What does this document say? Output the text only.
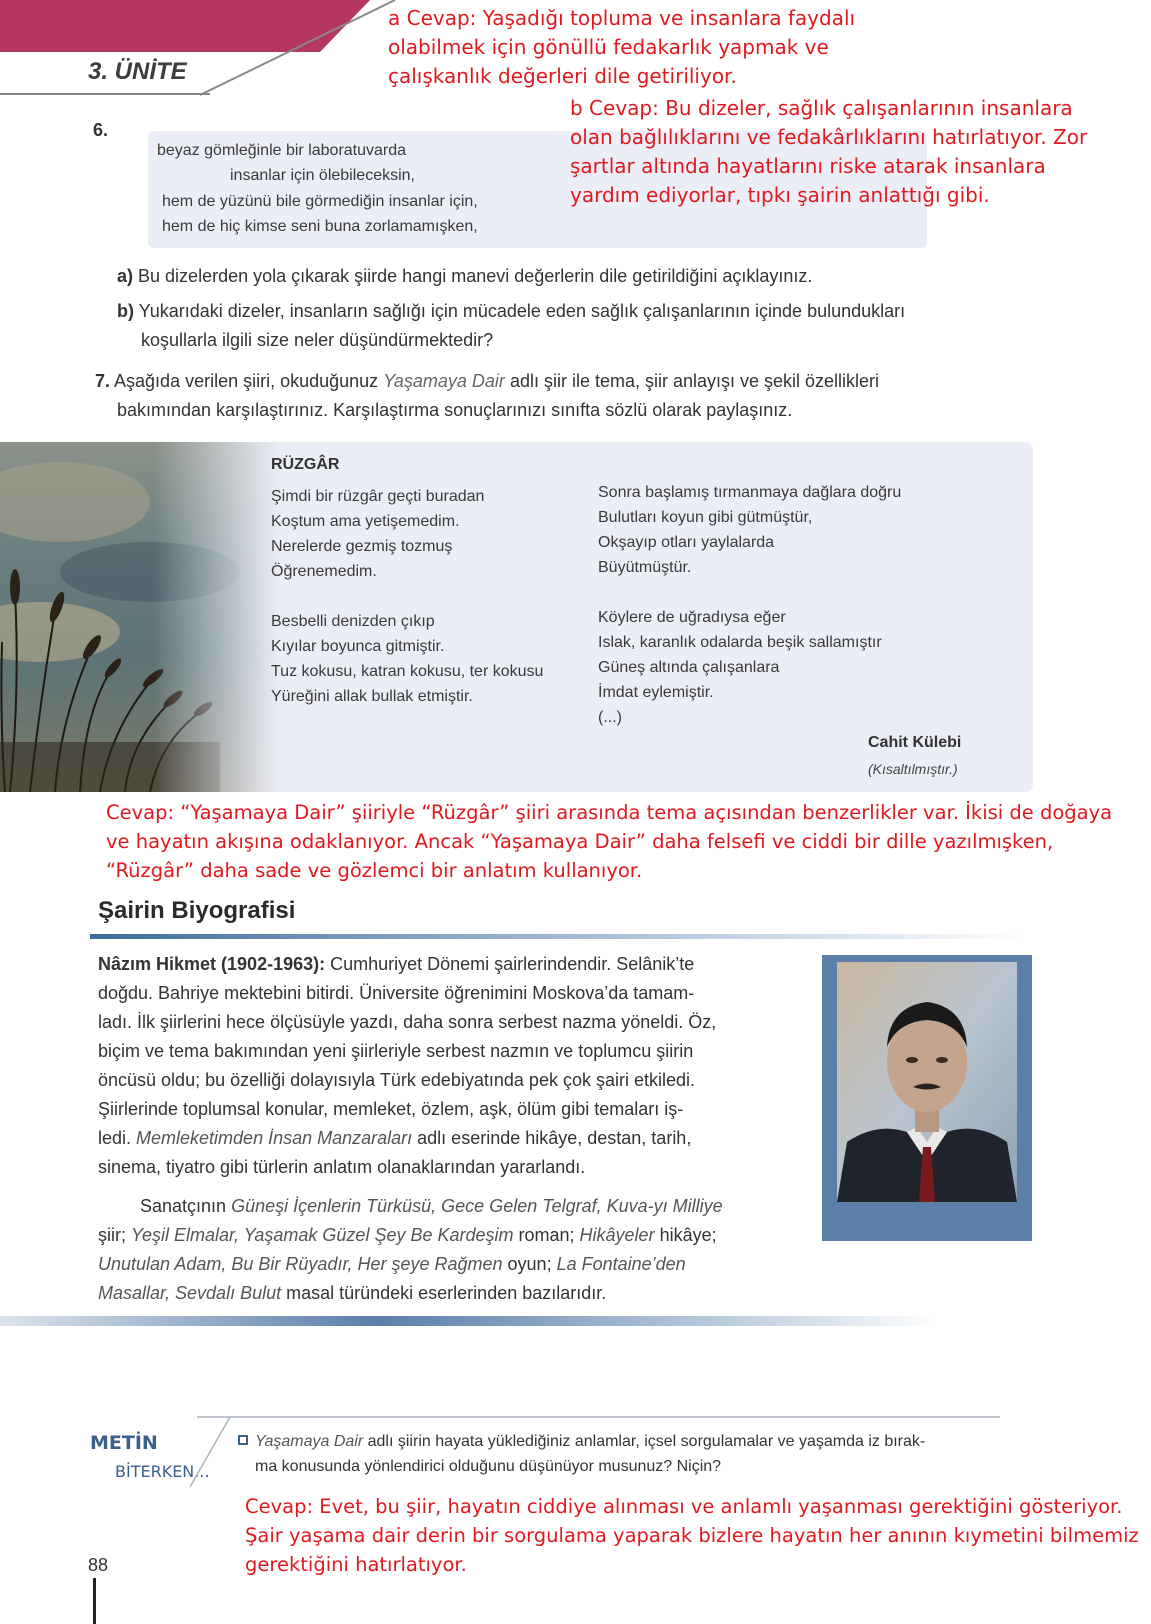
3. ÜNİTE
a Cevap: Yaşadığı topluma ve insanlara faydalı
olabilmek için gönüllü fedakarlık yapmak ve
çalışkanlık değerleri dile getiriliyor.
6.
beyaz gömleğinle bir laboratuvarda
insanlar için ölebileceksin,
hem de yüzünü bile görmediğin insanlar için,
hem de hiç kimse seni buna zorlamamışken,
b Cevap: Bu dizeler, sağlık çalışanlarının insanlara
olan bağlılıklarını ve fedakârlıklarını hatırlatıyor. Zor
şartlar altında hayatlarını riske atarak insanlara
yardım ediyorlar, tıpkı şairin anlattığı gibi.
a) Bu dizelerden yola çıkarak şiirde hangi manevi değerlerin dile getirildiğini açıklayınız.
b) Yukarıdaki dizeler, insanların sağlığı için mücadele eden sağlık çalışanlarının içinde bulundukları
koşullarla ilgili size neler düşündürmektedir?
7. Aşağıda verilen şiiri, okuduğunuz Yaşamaya Dair adlı şiir ile tema, şiir anlayışı ve şekil özellikleri
bakımından karşılaştırınız. Karşılaştırma sonuçlarınızı sınıfta sözlü olarak paylaşınız.
RÜZGÂR
Şimdi bir rüzgâr geçti buradan
Koştum ama yetişemedim.
Nerelerde gezmiş tozmuş
Öğrenemedim.
Besbelli denizden çıkıp
Kıyılar boyunca gitmiştir.
Tuz kokusu, katran kokusu, ter kokusu
Yüreğini allak bullak etmiştir.
Sonra başlamış tırmanmaya dağlara doğru
Bulutları koyun gibi gütmüştür,
Okşayıp otları yaylalarda
Büyütmüştür.
Köylere de uğradıysa eğer
Islak, karanlık odalarda beşik sallamıştır
Güneş altında çalışanlara
İmdat eylemiştir.
(...)
Cahit Külebi
(Kısaltılmıştır.)
Cevap: “Yaşamaya Dair” şiiriyle “Rüzgâr” şiiri arasında tema açısından benzerlikler var. İkisi de doğaya
ve hayatın akışına odaklanıyor. Ancak “Yaşamaya Dair” daha felsefi ve ciddi bir dille yazılmışken,
“Rüzgâr” daha sade ve gözlemci bir anlatım kullanıyor.
Şairin Biyografisi
Nâzım Hikmet (1902-1963): Cumhuriyet Dönemi şairlerindendir. Selânik’te
doğdu. Bahriye mektebini bitirdi. Üniversite öğrenimini Moskova’da tamam-
ladı. İlk şiirlerini hece ölçüsüyle yazdı, daha sonra serbest nazma yöneldi. Öz,
biçim ve tema bakımından yeni şiirleriyle serbest nazmın ve toplumcu şiirin
öncüsü oldu; bu özelliği dolayısıyla Türk edebiyatında pek çok şairi etkiledi.
Şiirlerinde toplumsal konular, memleket, özlem, aşk, ölüm gibi temaları iş-
ledi. Memleketimden İnsan Manzaraları adlı eserinde hikâye, destan, tarih,
sinema, tiyatro gibi türlerin anlatım olanaklarından yararlandı.
Sanatçının Güneşi İçenlerin Türküsü, Gece Gelen Telgraf, Kuva-yı Milliye
şiir; Yeşil Elmalar, Yaşamak Güzel Şey Be Kardeşim roman; Hikâyeler hikâye;
Unutulan Adam, Bu Bir Rüyadır, Her şeye Rağmen oyun; La Fontaine’den
Masallar, Sevdalı Bulut masal türündeki eserlerinden bazılarıdır.
METİN
BİTERKEN...
Yaşamaya Dair adlı şiirin hayata yüklediğiniz anlamlar, içsel sorgulamalar ve yaşamda iz bırak-
ma konusunda yönlendirici olduğunu düşünüyor musunuz? Niçin?
Cevap: Evet, bu şiir, hayatın ciddiye alınması ve anlamlı yaşanması gerektiğini gösteriyor.
Şair yaşama dair derin bir sorgulama yaparak bizlere hayatın her anının kıymetini bilmemiz
gerektiğini hatırlatıyor.
88
